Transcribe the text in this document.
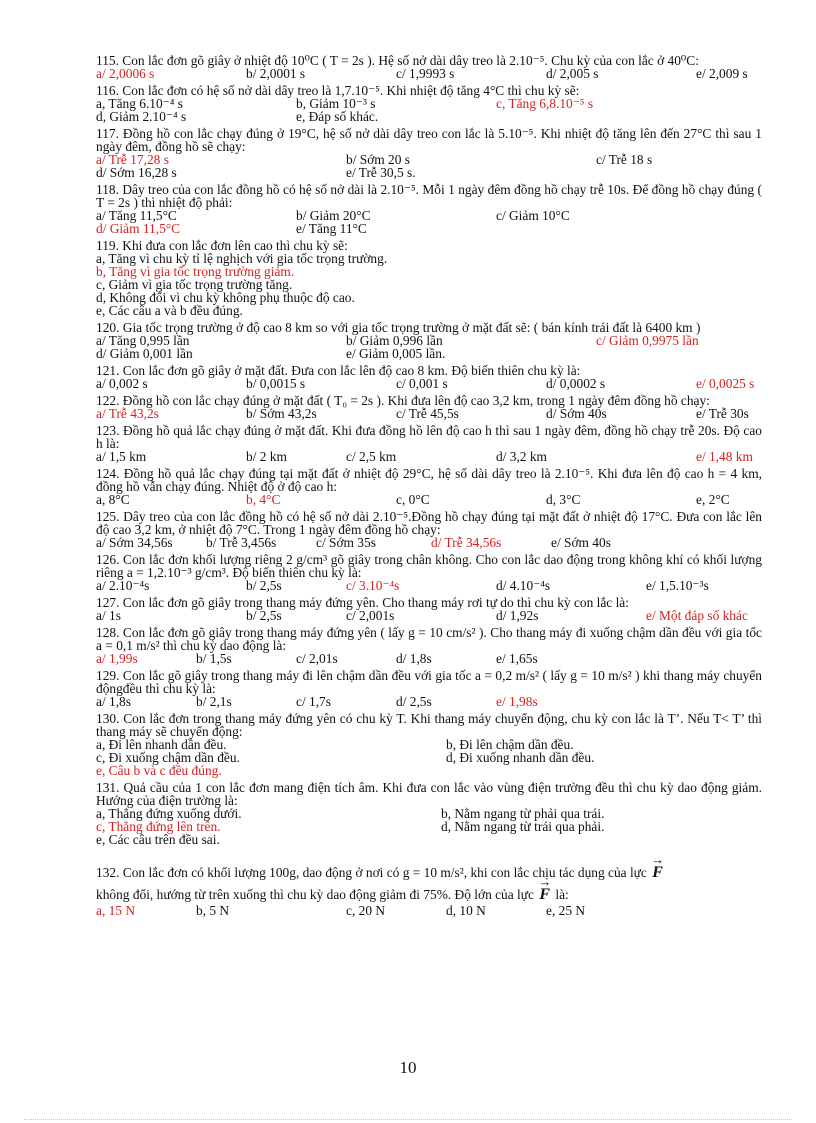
115. Con lắc đơn gõ giây ở nhiệt độ 10⁰C ( T = 2s ). Hệ số nở dài dây treo là 2.10⁻⁵. Chu kỳ của con lắc ở 40⁰C:
a/ 2,0006 s	b/ 2,0001 s	c/ 1,9993 s	d/ 2,005 s	e/ 2,009 s
116. Con lắc đơn có hệ số nở dài dây treo là 1,7.10⁻⁵. Khi nhiệt độ tăng 4°C thì chu kỳ sẽ:
a, Tăng 6.10⁻⁴ s	b, Giảm 10⁻³ s	c, Tăng 6,8.10⁻⁵ s
d, Giảm 2.10⁻⁴ s	e, Đáp số khác.
117. Đồng hồ con lắc chạy đúng ở 19°C, hệ số nở dài dây treo con lắc là 5.10⁻⁵. Khi nhiệt độ tăng lên đến 27°C thì sau 1 ngày đêm, đồng hồ sẽ chạy:
a/ Trễ 17,28 s	b/ Sớm 20 s	c/ Trễ 18 s
d/ Sớm 16,28 s	e/ Trễ 30,5 s.
118. Dây treo của con lắc đồng hồ có hệ số nở dài là 2.10⁻⁵. Mỗi 1 ngày đêm đồng hồ chạy trễ 10s. Để đồng hồ chạy đúng ( T = 2s ) thì nhiệt độ phải:
a/ Tăng 11,5°C	b/ Giảm 20°C	c/ Giảm 10°C
d/ Giảm 11,5°C	e/ Tăng 11°C
119. Khi đưa con lắc đơn lên cao thì chu kỳ sẽ:
a, Tăng vì chu kỳ tỉ lệ nghịch với gia tốc trọng trường.
b, Tăng vì gia tốc trọng trường giảm.
c, Giảm vì gia tốc trọng trường tăng.
d, Không đổi vì chu kỳ không phụ thuộc độ cao.
e, Các câu a và b đều đúng.
120. Gia tốc trọng trường ở độ cao 8 km so với gia tốc trọng trường ở mặt đất sẽ: ( bán kính trái đất là 6400 km )
a/ Tăng 0,995 lần	b/ Giảm 0,996 lần	c/ Giảm 0,9975 lần
d/ Giảm 0,001 lần	e/ Giảm 0,005 lần.
121. Con lắc đơn gõ giây ở mặt đất. Đưa con lắc lên độ cao 8 km. Độ biến thiên chu kỳ là:
a/ 0,002 s	b/ 0,0015 s	c/ 0,001 s	d/ 0,0002 s	e/ 0,0025 s
122. Đồng hồ con lắc chạy đúng ở mặt đất ( T₀ = 2s ). Khi đưa lên độ cao 3,2 km, trong 1 ngày đêm đồng hồ chạy:
a/ Trễ 43,2s	b/ Sớm 43,2s	c/ Trễ 45,5s	d/ Sớm 40s	e/ Trễ 30s
123. Đồng hồ quả lắc chạy đúng ở mặt đất. Khi đưa đồng hồ lên độ cao h thì sau 1 ngày đêm, đồng hồ chạy trễ 20s. Độ cao h là:
a/ 1,5 km	b/ 2 km	c/ 2,5 km	d/ 3,2 km	e/ 1,48 km
124. Đồng hồ quả lắc chạy đúng tại mặt đất ở nhiệt độ 29°C, hệ số dài dây treo là 2.10⁻⁵. Khi đưa lên độ cao h = 4 km, đồng hồ vẫn chạy đúng. Nhiệt độ ở độ cao h:
a, 8°C	b, 4°C	c, 0°C	d, 3°C	e, 2°C
125. Dây treo của con lắc đồng hồ có hệ số nở dài 2.10⁻⁵.Đồng hồ chạy đúng tại mặt đất ở nhiệt độ 17°C. Đưa con lắc lên độ cao 3,2 km, ở nhiệt độ 7°C. Trong 1 ngày đêm đồng hồ chạy:
a/ Sớm 34,56s	b/ Trễ 3,456s	c/ Sớm 35s	d/ Trễ 34,56s	e/ Sớm 40s
126. Con lắc đơn khối lượng riêng 2 g/cm³ gõ giây trong chân không. Cho con lắc dao động trong không khí có khối lượng riêng a = 1,2.10⁻³ g/cm³. Độ biến thiên chu kỳ là:
a/ 2.10⁻⁴s	b/ 2,5s	c/ 3.10⁻⁴s	d/ 4.10⁻⁴s	e/ 1,5.10⁻³s
127. Con lắc đơn gõ giây trong thang máy đứng yên. Cho thang máy rơi tự do thì chu kỳ con lắc là:
a/ 1s	b/ 2,5s	c/ 2,001s	d/ 1,92s	e/ Một đáp số khác
128. Con lắc đơn gõ giây trong thang máy đứng yên ( lấy g = 10 cm/s² ). Cho thang máy đi xuống chậm dần đều với gia tốc a = 0,1 m/s² thì chu kỳ dao động là:
a/ 1,99s	b/ 1,5s	c/ 2,01s	d/ 1,8s	e/ 1,65s
129. Con lắc gõ giây trong thang máy đi lên chậm dần đều với gia tốc a = 0,2 m/s² ( lấy g = 10 m/s² ) khi thang máy chuyển độngđều thì chu kỳ là:
a/ 1,8s	b/ 2,1s	c/ 1,7s	d/ 2,5s	e/ 1,98s
130. Con lắc đơn trong thang máy đứng yên có chu kỳ T. Khi thang máy chuyển động, chu kỳ con lắc là T’. Nếu T< T’ thì thang máy sẽ chuyển động:
a, Đi lên nhanh dần đều.	b, Đi lên chậm dần đều.
c, Đi xuống chậm dần đều.	d, Đi xuống nhanh dần đều.
e, Câu b và c đều đúng.
131. Quả cầu của 1 con lắc đơn mang điện tích âm. Khi đưa con lắc vào vùng điện trường đều thì chu kỳ dao động giảm. Hướng của điện trường là:
a, Thẳng đứng xuống dưới.	b, Nằm ngang từ phải qua trái.
c, Thẳng đứng lên trên.	d, Nằm ngang từ trái qua phải.
e, Các câu trên đều sai.
132. Con lắc đơn có khối lượng 100g, dao động ở nơi có g = 10 m/s², khi con lắc chịu tác dụng của lực → F
không đổi, hướng từ trên xuống thì chu kỳ dao động giảm đi 75%. Độ lớn của lực → F là:
a, 15 N	b, 5 N	c, 20 N	d, 10 N	e, 25 N
10
